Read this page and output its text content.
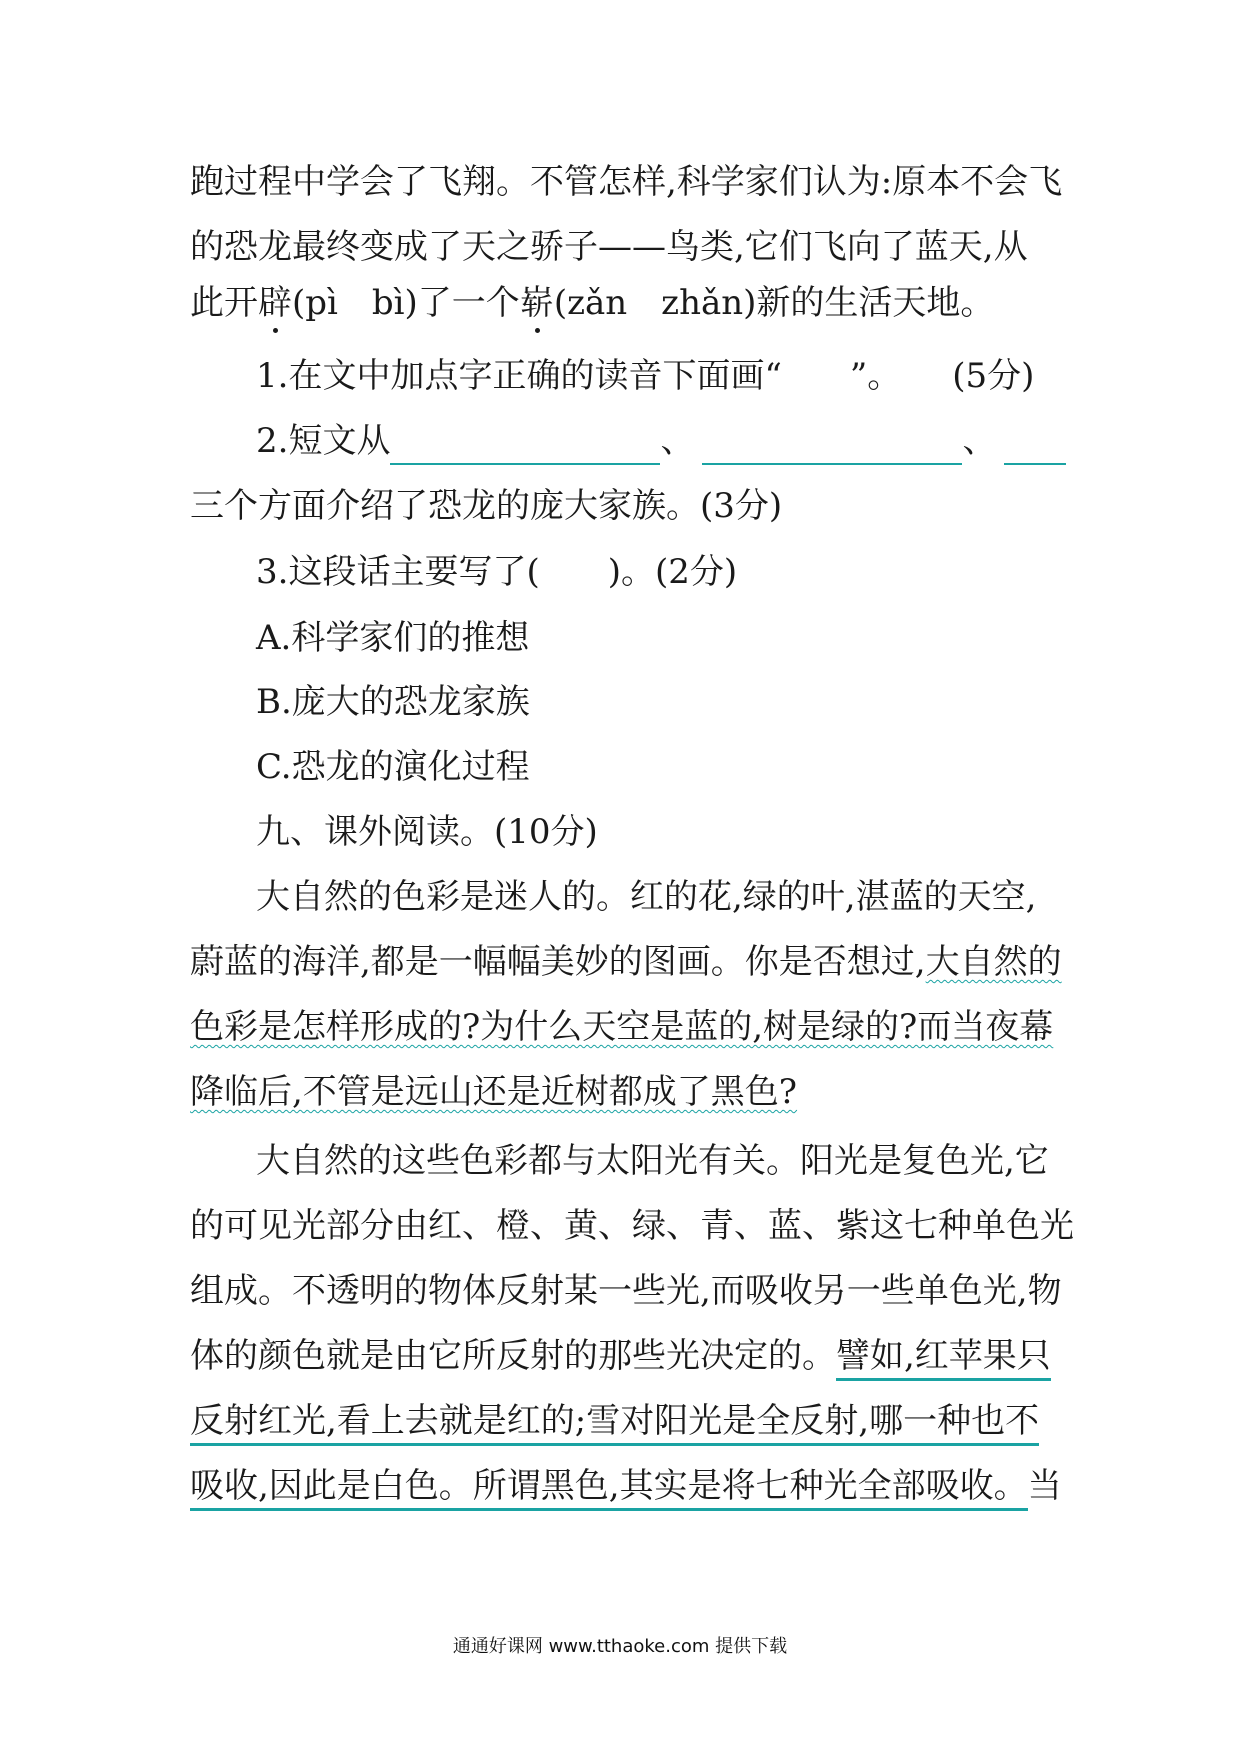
跑过程中学会了飞翔。不管怎样,科学家们认为:原本不会飞
的恐龙最终变成了天之骄子——鸟类,它们飞向了蓝天,从
此开辟(pì bì)了一个崭(zǎn zhǎn)新的生活天地。
1.在文中加点字正确的读音下面画“　　”。　　(5分)
2.短文从	、	、
三个方面介绍了恐龙的庞大家族。(3分)
3.这段话主要写了(　　)。(2分)
A.科学家们的推想
B.庞大的恐龙家族
C.恐龙的演化过程
九、课外阅读。(10分)
大自然的色彩是迷人的。红的花,绿的叶,湛蓝的天空,
蔚蓝的海洋,都是一幅幅美妙的图画。你是否想过,大自然的
色彩是怎样形成的?为什么天空是蓝的,树是绿的?而当夜幕
降临后,不管是远山还是近树都成了黑色?
大自然的这些色彩都与太阳光有关。阳光是复色光,它
的可见光部分由红、橙、黄、绿、青、蓝、紫这七种单色光
组成。不透明的物体反射某一些光,而吸收另一些单色光,物
体的颜色就是由它所反射的那些光决定的。譬如,红苹果只
反射红光,看上去就是红的;雪对阳光是全反射,哪一种也不
吸收,因此是白色。所谓黑色,其实是将七种光全部吸收。当
通通好课网 www.tthaoke.com 提供下载
